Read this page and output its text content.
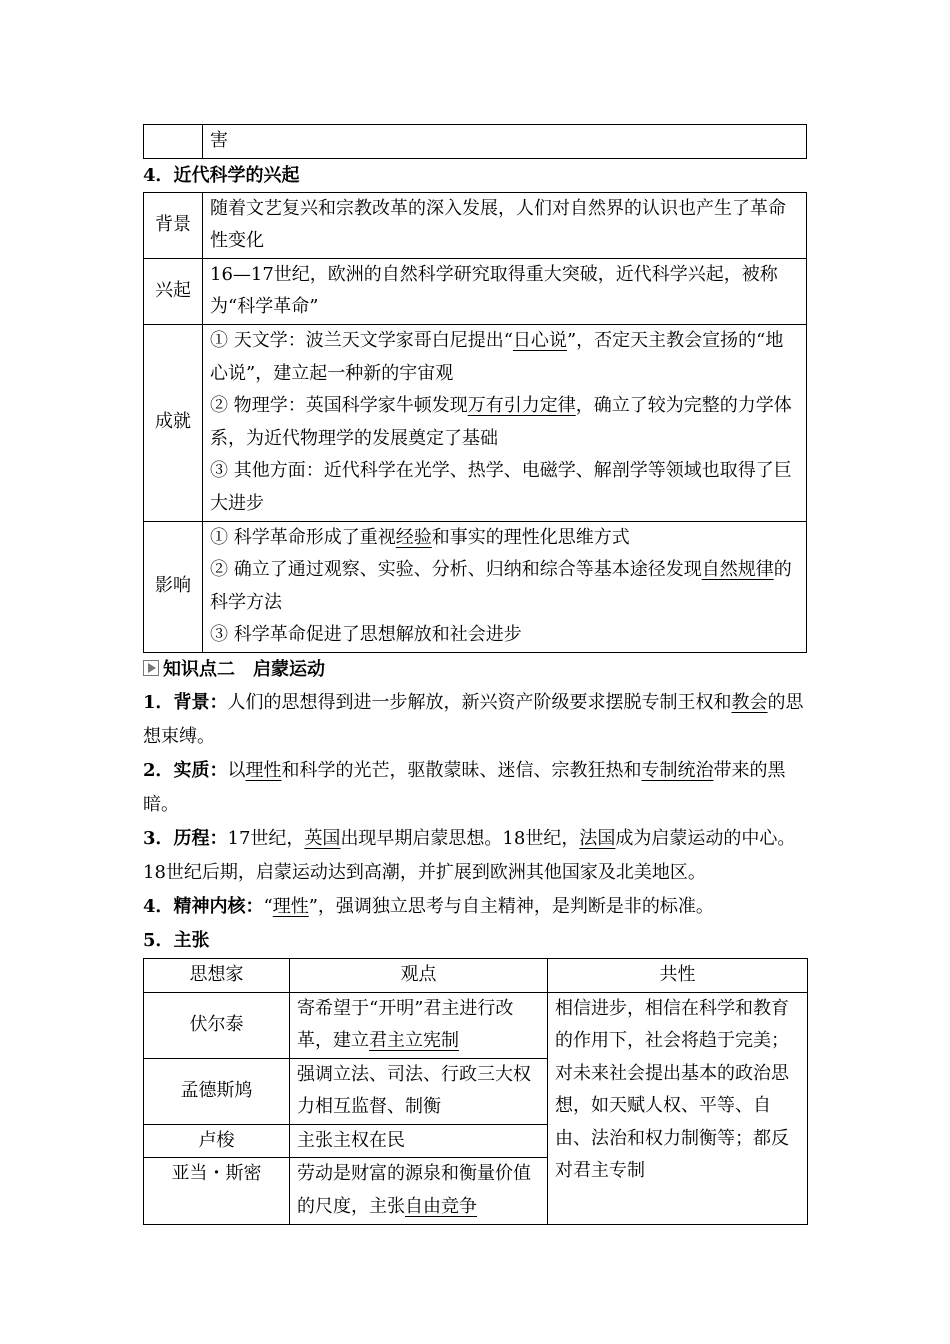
	害
4．近代科学的兴起
背景	随着文艺复兴和宗教改革的深入发展，人们对自然界的认识也产生了革命性变化
兴起	16—17世纪，欧洲的自然科学研究取得重大突破，近代科学兴起，被称为“科学革命”
成就	① 天文学：波兰天文学家哥白尼提出“日心说”，否定天主教会宣扬的“地心说”，建立起一种新的宇宙观
② 物理学：英国科学家牛顿发现万有引力定律，确立了较为完整的力学体系，为近代物理学的发展奠定了基础
③ 其他方面：近代科学在光学、热学、电磁学、解剖学等领域也取得了巨大进步

影响	① 科学革命形成了重视经验和事实的理性化思维方式
② 确立了通过观察、实验、分析、归纳和综合等基本途径发现自然规律的科学方法
③ 科学革命促进了思想解放和社会进步
知识点二　启蒙运动
1．背景：人们的思想得到进一步解放，新兴资产阶级要求摆脱专制王权和教会的思想束缚。
2．实质：以理性和科学的光芒，驱散蒙昧、迷信、宗教狂热和专制统治带来的黑暗。
3．历程：17世纪，英国出现早期启蒙思想。18世纪，法国成为启蒙运动的中心。18世纪后期，启蒙运动达到高潮，并扩展到欧洲其他国家及北美地区。
4．精神内核：“理性”，强调独立思考与自主精神，是判断是非的标准。
5．主张
思想家	观点	共性
伏尔泰	寄希望于“开明”君主进行改革，建立君主立宪制	相信进步，相信在科学和教育的作用下，社会将趋于完美；对未来社会提出基本的政治思想，如天赋人权、平等、自由、法治和权力制衡等；都反对君主专制
孟德斯鸠	强调立法、司法、行政三大权力相互监督、制衡	
卢梭	主张主权在民	
亚当・斯密	劳动是财富的源泉和衡量价值的尺度，主张自由竞争	
